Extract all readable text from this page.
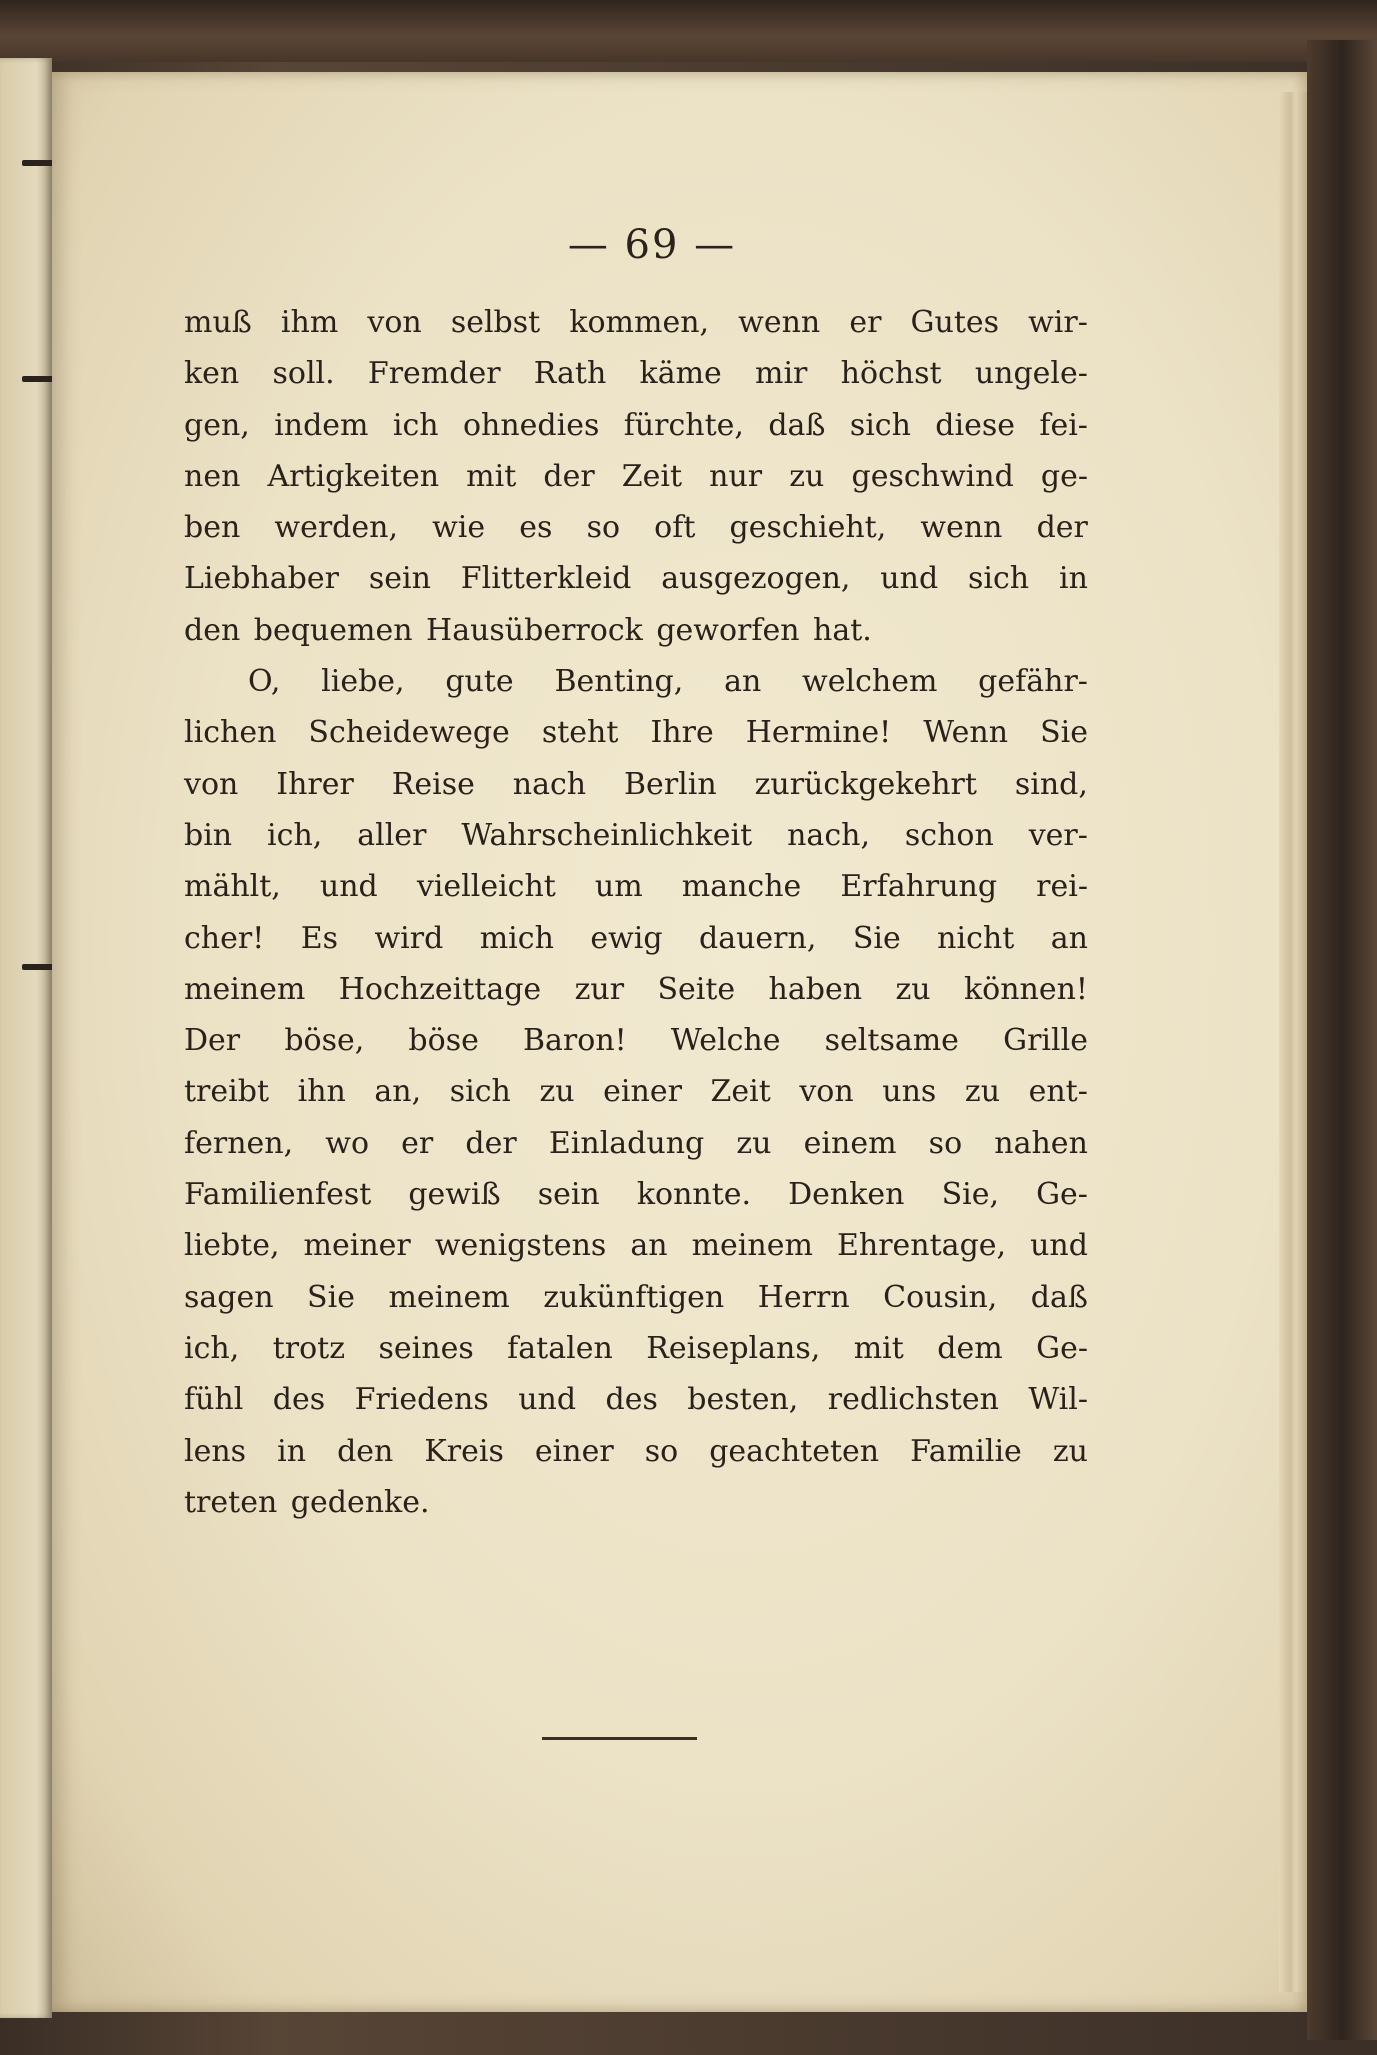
— 69 —
muß ihm von selbst kommen, wenn er Gutes wir-
ken soll. Fremder Rath käme mir höchst ungele-
gen, indem ich ohnedies fürchte, daß sich diese fei-
nen Artigkeiten mit der Zeit nur zu geschwind ge-
ben werden, wie es so oft geschieht, wenn der
Liebhaber sein Flitterkleid ausgezogen, und sich in
den bequemen Hausüberrock geworfen hat.
O, liebe, gute Benting, an welchem gefähr-
lichen Scheidewege steht Ihre Hermine! Wenn Sie
von Ihrer Reise nach Berlin zurückgekehrt sind,
bin ich, aller Wahrscheinlichkeit nach, schon ver-
mählt, und vielleicht um manche Erfahrung rei-
cher! Es wird mich ewig dauern, Sie nicht an
meinem Hochzeittage zur Seite haben zu können!
Der böse, böse Baron! Welche seltsame Grille
treibt ihn an, sich zu einer Zeit von uns zu ent-
fernen, wo er der Einladung zu einem so nahen
Familienfest gewiß sein konnte. Denken Sie, Ge-
liebte, meiner wenigstens an meinem Ehrentage, und
sagen Sie meinem zukünftigen Herrn Cousin, daß
ich, trotz seines fatalen Reiseplans, mit dem Ge-
fühl des Friedens und des besten, redlichsten Wil-
lens in den Kreis einer so geachteten Familie zu
treten gedenke.
